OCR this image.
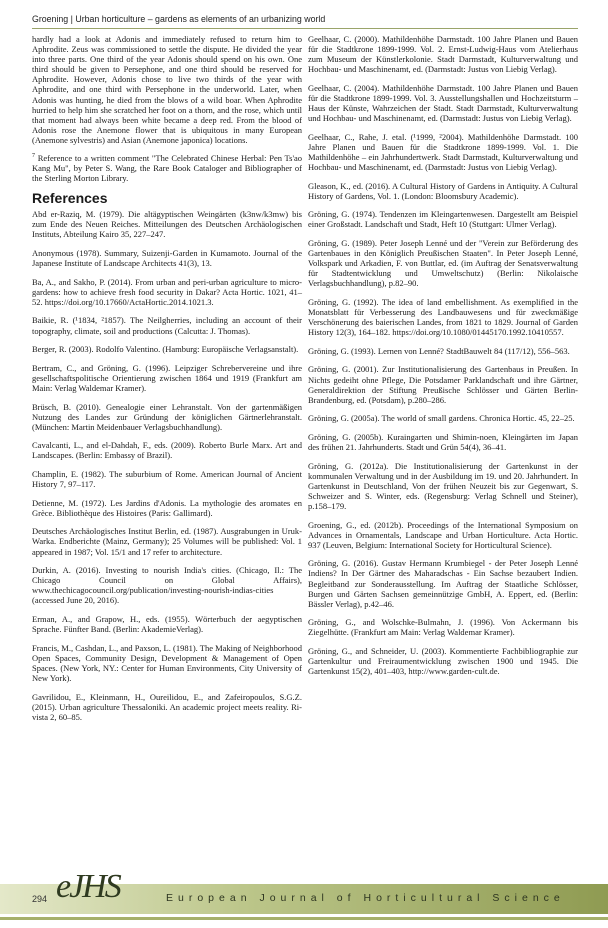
Groening | Urban horticulture – gardens as elements of an urbanizing world

hardly had a look at Adonis and immediately refused to return him to Aphrodite. Zeus was commissioned to settle the dispute. He divided the year into three parts. One third of the year Adonis should spend on his own. One third should be given to Persephone, and one third should be reserved for Aphrodite. However, Adonis chose to live two thirds of the year with Aphrodite, and one third with Persephone in the underworld. Later, when Adonis was hunting, he died from the blows of a wild boar. When Aphrodite hurried to help him she scratched her foot on a thorn, and the rose, which until that moment had always been white became a deep red. From the blood of Adonis rose the Anemone flower that is ubiquitous in many European (Anemone sylvestris) and Asian (Anemone japonica) locations.

$^7$ Reference to a written comment "The Celebrated Chinese Herbal: Pen Ts'ao Kang Mu", by Peter S. Wang, the Rare Book Cataloger and Bibliographer of the Sterling Morton Library.

References

Abd er-Raziq, M. (1979). Die altägyptischen Weingärten (k3nw/k3mw) bis zum Ende des Neuen Reiches. Mitteilungen des Deutschen Archäologischen Instituts, Abteilung Kairo 35, 227–247.

Anonymous (1978). Summary, Suizenji-Garden in Kumamoto. Journal of the Japanese Institute of Landscape Architects 41(3), 13.

Ba, A., and Sakho, P. (2014). From urban and peri-urban agriculture to micro-gardens: how to achieve fresh food security in Dakar? Acta Hortic. 1021, 41–52. https://doi.org/10.17660/ActaHortic.2014.1021.3.

Baikie, R. (¹1834, ²1857). The Neilgherries, including an account of their topography, climate, soil and productions (Calcutta: J. Thomas).

Berger, R. (2003). Rodolfo Valentino. (Hamburg: Europäische Verlagsanstalt).

Bertram, C., and Gröning, G. (1996). Leipziger Schrebervereine und ihre gesellschaftspolitische Orientierung zwischen 1864 und 1919 (Frankfurt am Main: Verlag Waldemar Kramer).

Brüsch, B. (2010). Genealogie einer Lehranstalt. Von der gartenmäßigen Nutzung des Landes zur Gründung der königlichen Gärtnerlehranstalt. (München: Martin Meidenbauer Verlagsbuchhandlung).

Cavalcanti, L., and el-Dahdah, F., eds. (2009). Roberto Burle Marx. Art and Landscapes. (Berlin: Embassy of Brazil).

Champlin, E. (1982). The suburbium of Rome. American Journal of Ancient History 7, 97–117.

Detienne, M. (1972). Les Jardins d'Adonis. La mythologie des aromates en Grèce. Bibliothèque des Histoires (Paris: Gallimard).

Deutsches Archäologisches Institut Berlin, ed. (1987). Ausgrabungen in Uruk-Warka. Endberichte (Mainz, Germany); 25 Volumes will be published: Vol. 1 appeared in 1987; Vol. 15/1 and 17 refer to architecture.

Durkin, A. (2016). Investing to nourish India's cities. (Chicago, Il.: The Chicago Council on Global Affairs), www.thechicagocouncil.org/publication/investing-nourish-indias-cities (accessed June 20, 2016).

Erman, A., and Grapow, H., eds. (1955). Wörterbuch der aegyptischen Sprache. Fünfter Band. (Berlin: AkademieVerlag).

Francis, M., Cashdan, L., and Paxson, L. (1981). The Making of Neighborhood Open Spaces, Community Design, Development & Management of Open Spaces. (New York, NY.: Center for Human Environments, City University of New York).

Gavrilidou, E., Kleinmann, H., Oureilidou, E., and Zafeiropoulos, S.G.Z. (2015). Urban agriculture Thessaloniki. An academic project meets reality. Ri-vista 2, 60–85.

Geelhaar, C. (2000). Mathildenhöhe Darmstadt. 100 Jahre Planen und Bauen für die Stadtkrone 1899-1999. Vol. 2. Ernst-Ludwig-Haus vom Atelierhaus zum Museum der Künstlerkolonie. Stadt Darmstadt, Kulturverwaltung und Hochbau- und Maschinenamt, ed. (Darmstadt: Justus von Liebig Verlag).

Geelhaar, C. (2004). Mathildenhöhe Darmstadt. 100 Jahre Planen und Bauen für die Stadtkrone 1899-1999. Vol. 3. Ausstellungshallen und Hochzeitsturm – Haus der Künste, Wahrzeichen der Stadt. Stadt Darmstadt, Kulturverwaltung und Hochbau- und Maschinenamt, ed. (Darmstadt: Justus von Liebig Verlag).

Geelhaar, C., Rahe, J. etal. (¹1999, ²2004). Mathildenhöhe Darmstadt. 100 Jahre Planen und Bauen für die Stadtkrone 1899-1999. Vol. 1. Die Mathildenhöhe – ein Jahrhundertwerk. Stadt Darmstadt, Kulturverwaltung und Hochbau- und Maschinenamt, ed. (Darmstadt: Justus von Liebig Verlag).

Gleason, K., ed. (2016). A Cultural History of Gardens in Antiquity. A Cultural History of Gardens, Vol. 1. (London: Bloomsbury Academic).

Gröning, G. (1974). Tendenzen im Kleingartenwesen. Dargestellt am Beispiel einer Großstadt. Landschaft und Stadt, Heft 10 (Stuttgart: Ulmer Verlag).

Gröning, G. (1989). Peter Joseph Lenné und der "Verein zur Beförderung des Gartenbaues in den Königlich Preußischen Staaten". In Peter Joseph Lenné, Volkspark und Arkadien, F. von Buttlar, ed. (im Auftrag der Senatsverwaltung für Stadtentwicklung und Umweltschutz) (Berlin: Nikolaische Verlagsbuchhandlung), p.82–90.

Gröning, G. (1992). The idea of land embellishment. As exemplified in the Monatsblatt für Verbesserung des Landbauwesens und für zweckmäßige Verschönerung des baierischen Landes, from 1821 to 1829. Journal of Garden History 12(3), 164–182. https://doi.org/10.1080/01445170.1992.10410557.

Gröning, G. (1993). Lernen von Lenné? StadtBauwelt 84 (117/12), 556–563.

Gröning, G. (2001). Zur Institutionalisierung des Gartenbaus in Preußen. In Nichts gedeiht ohne Pflege, Die Potsdamer Parklandschaft und ihre Gärtner, Generaldirektion der Stiftung Preußische Schlösser und Gärten Berlin-Brandenburg, ed. (Potsdam), p.280–286.

Gröning, G. (2005a). The world of small gardens. Chronica Hortic. 45, 22–25.

Gröning, G. (2005b). Kuraingarten und Shimin-noen, Kleingärten im Japan des frühen 21. Jahrhunderts. Stadt und Grün 54(4), 36–41.

Gröning, G. (2012a). Die Institutionalisierung der Gartenkunst in der kommunalen Verwaltung und in der Ausbildung im 19. und 20. Jahrhundert. In Gartenkunst in Deutschland, Von der frühen Neuzeit bis zur Gegenwart, S. Schweizer and S. Winter, eds. (Regensburg: Verlag Schnell und Steiner), p.158–179.

Groening, G., ed. (2012b). Proceedings of the International Symposium on Advances in Ornamentals, Landscape and Urban Horticulture. Acta Hortic. 937 (Leuven, Belgium: International Society for Horticultural Science).

Gröning, G. (2016). Gustav Hermann Krumbiegel - der Peter Joseph Lenné Indiens? In Der Gärtner des Maharadschas - Ein Sachse bezaubert Indien. Begleitband zur Sonderausstellung. Im Auftrag der Staatliche Schlösser, Burgen und Gärten Sachsen gemeinnützige GmbH, A. Eppert, ed. (Berlin: Bässler Verlag), p.42–46.

Gröning, G., and Wolschke-Bulmahn, J. (1996). Von Ackermann bis Ziegelhütte. (Frankfurt am Main: Verlag Waldemar Kramer).

Gröning, G., and Schneider, U. (2003). Kommentierte Fachbibliographie zur Gartenkultur und Freiraumentwicklung zwischen 1900 und 1945. Die Gartenkunst 15(2), 401–403, http://www.garden-cult.de.

294 eJHS	European Journal of Horticultural Science
